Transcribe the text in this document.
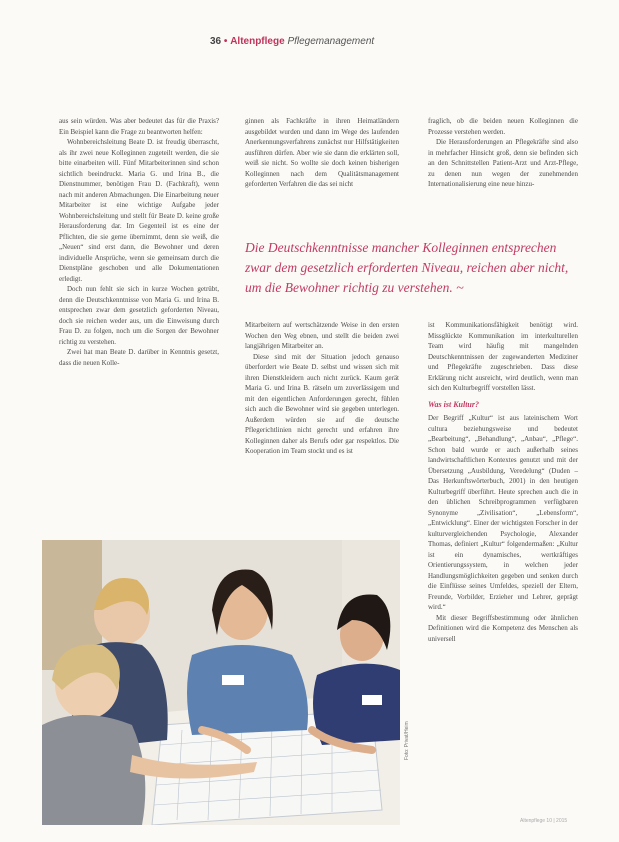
36 • Altenpflege Pflegemanagement

aus sein würden. Was aber bedeutet das für die Praxis? Ein Beispiel kann die Frage zu beantworten helfen:

Wohnbereichsleitung Beate D. ist freudig überrascht, als ihr zwei neue Kolleginnen zugeteilt werden, die sie bitte einarbeiten will. Fünf Mitarbeiterinnen sind schon sichtlich beeindruckt. Maria G. und Irina B., die Dienstnummer, benötigen Frau D. (Fachkraft), wenn nach mit anderen Abmachungen. Die Einarbeitung neuer Mitarbeiter ist eine wichtige Aufgabe jeder Wohnbereichsleitung und stellt für Beate D. keine große Herausforderung dar. Im Gegenteil ist es eine der Pflichten, die sie gerne übernimmt, denn sie weiß, die „Neuen“ sind erst dann, die Bewohner und deren individuelle Ansprüche, wenn sie gemeinsam durch die Dienstpläne geschoben und alle Dokumentationen erledigt.

Doch nun fehlt sie sich in kurze Wochen getrübt, denn die Deutschkenntnisse von Maria G. und Irina B. entsprechen zwar dem gesetzlich geforderten Niveau, doch sie reichen weder aus, um die Einweisung durch Frau D. zu folgen, noch um die Sorgen der Bewohner richtig zu verstehen.

Zwei hat man Beate D. darüber in Kenntnis gesetzt, dass die neuen Kolle-

ginnen als Fachkräfte in ihren Heimatländern ausgebildet wurden und dann im Wege des laufenden Anerkennungsverfahrens zunächst nur Hilfstätigkeiten ausführen dürfen. Aber wie sie dann die erklärten soll, weiß sie nicht. So wollte sie doch keinen bisherigen Kolleginnen nach dem Qualitätsmanagement geforderten Verfahren die das sei nicht

fraglich, ob die beiden neuen Kolleginnen die Prozesse verstehen werden.

Die Herausforderungen an Pflegekräfte sind also in mehrfacher Hinsicht groß, denn sie befinden sich an den Schnittstellen Patient-Arzt und Arzt-Pflege, zu denen nun wegen der zunehmenden Internationalisierung eine neue hinzu-

Die Deutschkenntnisse mancher Kolleginnen entsprechen zwar dem gesetzlich erforderten Niveau, reichen aber nicht, um die Bewohner richtig zu verstehen. ~

Mitarbeitern auf wertschätzende Weise in den ersten Wochen den Weg ebnen, und stellt die beiden zwei langjährigen Mitarbeiter an.

Diese sind mit der Situation jedoch genauso überfordert wie Beate D. selbst und wissen sich mit ihren Dienstkleidern auch nicht zurück. Kaum gerät Maria G. und Irina B. rätseln um zuverlässigem und mit den eigentlichen Anforderungen gerecht, fühlen sich auch die Bewohner wird sie gegeben unterlegen. Außerdem würden sie auf die deutsche Pflegerichtlinien nicht gerecht und erfahren ihre Kolleginnen daher als Berufs oder gar respektlos. Die Kooperation im Team stockt und es ist

ist Kommunikationsfähigkeit benötigt wird. Missglückte Kommunikation im interkulturellen Team wird häufig mit mangelnden Deutschkenntnissen der zugewanderten Mediziner und Pflegekräfte zugeschrieben. Dass diese Erklärung nicht ausreicht, wird deutlich, wenn man sich den Kulturbegriff vorstellen lässt.

Was ist Kultur?

Der Begriff „Kultur“ ist aus lateinischem Wort cultura beziehungsweise und bedeutet „Bearbeitung“, „Behandlung“, „Anbau“, „Pflege“. Schon bald wurde er auch außerhalb seines landwirtschaftlichen Kontextes genutzt und mit der Übersetzung „Ausbildung, Veredelung“ (Duden – Das Herkunftswörterbuch, 2001) in den heutigen Kulturbegriff überführt. Heute sprechen auch die in den üblichen Schreibprogrammen verfügbaren Synonyme „Zivilisation“, „Lebensform“, „Entwicklung“. Einer der wichtigsten Forscher in der kulturvergleichenden Psychologie, Alexander Thomas, definiert „Kultur“ folgendermaßen: „Kultur ist ein dynamisches, wertkräftiges Orientierungssystem, in welchen jeder Handlungsmöglichkeiten gegeben und senken durch die Einflüsse seines Umfeldes, speziell der Eltern, Freunde, Vorbilder, Erzieher und Lehrer, geprägt wird.“

Mit dieser Begriffsbestimmung oder ähnlichen Definitionen wird die Kompetenz des Menschen als universell

Foto: Privat/Heim
Altenpflege 10 | 2015
